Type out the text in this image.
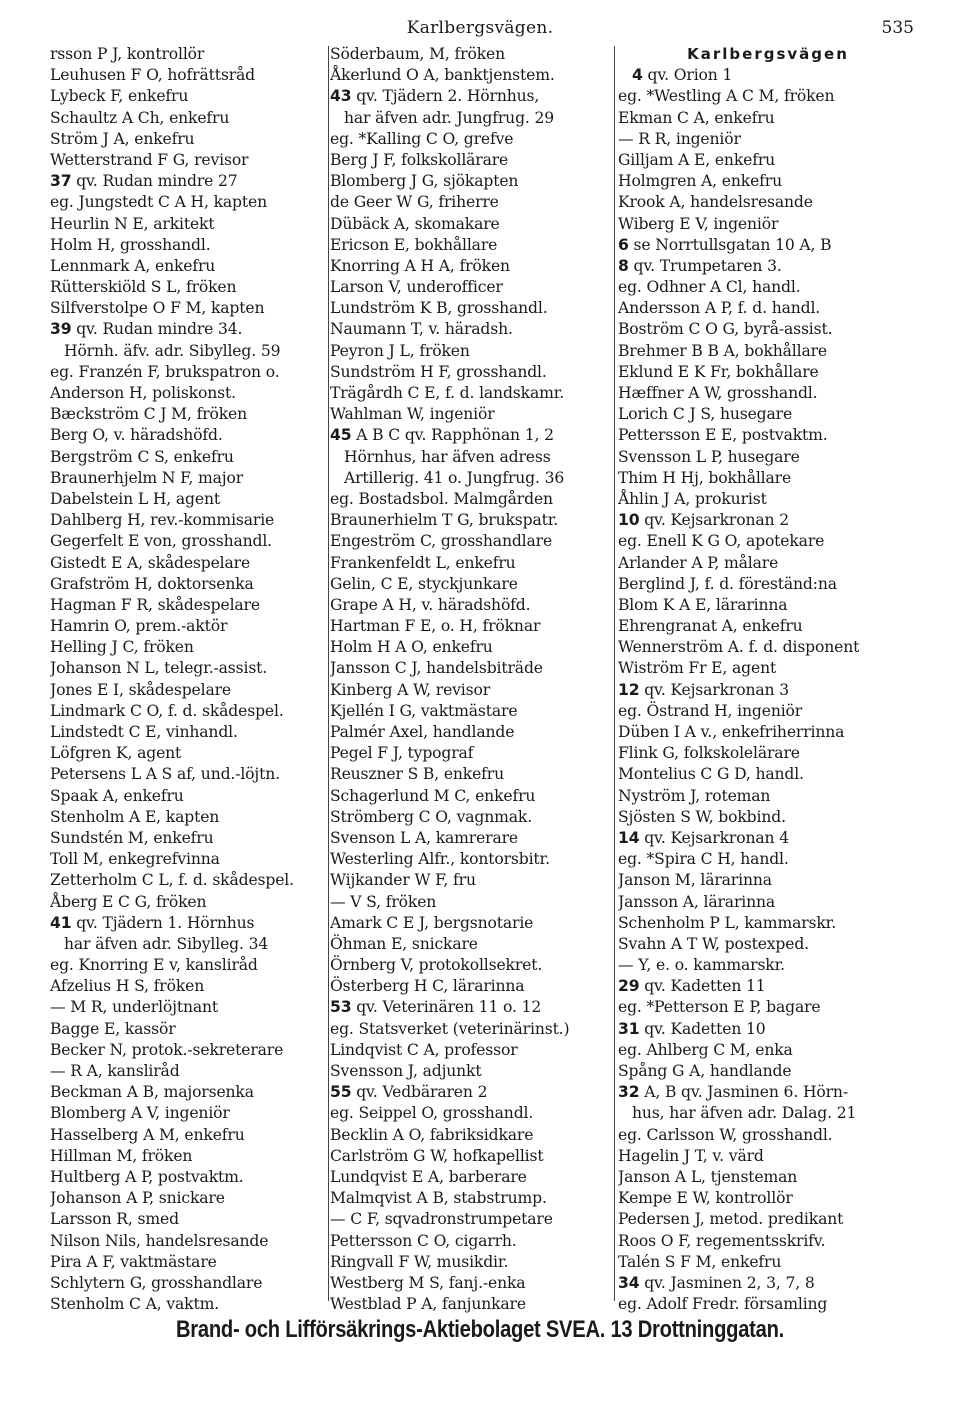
Karlbergsvägen.	535
rsson P J, kontrollör
Leuhusen F O, hofrättsråd
Lybeck F, enkefru
Schaultz A Ch, enkefru
Ström J A, enkefru
Wetterstrand F G, revisor
37 qv. Rudan mindre 27
eg. Jungstedt C A H, kapten
Heurlin N E, arkitekt
Holm H, grosshandl.
Lennmark A, enkefru
Rütterskiöld S L, fröken
Silfverstolpe O F M, kapten
39 qv. Rudan mindre 34.
Hörnh. äfv. adr. Sibylleg. 59
eg. Franzén F, brukspatron o.
Anderson H, poliskonst.
Bæckström C J M, fröken
Berg O, v. häradshöfd.
Bergström C S, enkefru
Braunerhjelm N F, major
Dabelstein L H, agent
Dahlberg H, rev.-kommisarie
Gegerfelt E von, grosshandl.
Gistedt E A, skådespelare
Grafström H, doktorsenka
Hagman F R, skådespelare
Hamrin O, prem.-aktör
Helling J C, fröken
Johanson N L, telegr.-assist.
Jones E I, skådespelare
Lindmark C O, f. d. skådespel.
Lindstedt C E, vinhandl.
Löfgren K, agent
Petersens L A S af, und.-löjtn.
Spaak A, enkefru
Stenholm A E, kapten
Sundstén M, enkefru
Toll M, enkegrefvinna
Zetterholm C L, f. d. skådespel.
Åberg E C G, fröken
41 qv. Tjädern 1. Hörnhus
har äfven adr. Sibylleg. 34
eg. Knorring E v, kansliråd
Afzelius H S, fröken
— M R, underlöjtnant
Bagge E, kassör
Becker N, protok.-sekreterare
— R A, kansliråd
Beckman A B, majorsenka
Blomberg A V, ingeniör
Hasselberg A M, enkefru
Hillman M, fröken
Hultberg A P, postvaktm.
Johanson A P, snickare
Larsson R, smed
Nilson Nils, handelsresande
Pira A F, vaktmästare
Schlytern G, grosshandlare
Stenholm C A, vaktm.
Söderbaum, M, fröken
Åkerlund O A, banktjenstem.
43 qv. Tjädern 2. Hörnhus,
har äfven adr. Jungfrug. 29
eg. *Kalling C O, grefve
Berg J F, folkskollärare
Blomberg J G, sjökapten
de Geer W G, friherre
Dübäck A, skomakare
Ericson E, bokhållare
Knorring A H A, fröken
Larson V, underofficer
Lundström K B, grosshandl.
Naumann T, v. häradsh.
Peyron J L, fröken
Sundström H F, grosshandl.
Trägårdh C E, f. d. landskamr.
Wahlman W, ingeniör
45 A B C qv. Rapphönan 1, 2
Hörnhus, har äfven adress
Artillerig. 41 o. Jungfrug. 36
eg. Bostadsbol. Malmgården
Braunerhielm T G, brukspatr.
Engeström C, grosshandlare
Frankenfeldt L, enkefru
Gelin, C E, styckjunkare
Grape A H, v. häradshöfd.
Hartman F E, o. H, fröknar
Holm H A O, enkefru
Jansson C J, handelsbiträde
Kinberg A W, revisor
Kjellén I G, vaktmästare
Palmér Axel, handlande
Pegel F J, typograf
Reuszner S B, enkefru
Schagerlund M C, enkefru
Strömberg C O, vagnmak.
Svenson L A, kamrerare
Westerling Alfr., kontorsbitr.
Wijkander W F, fru
— V S, fröken
Amark C E J, bergsnotarie
Öhman E, snickare
Örnberg V, protokollsekret.
Österberg H C, lärarinna
53 qv. Veterinären 11 o. 12
eg. Statsverket (veterinärinst.)
Lindqvist C A, professor
Svensson J, adjunkt
55 qv. Vedbäraren 2
eg. Seippel O, grosshandl.
Becklin A O, fabriksidkare
Carlström G W, hofkapellist
Lundqvist E A, barberare
Malmqvist A B, stabstrump.
— C F, sqvadronstrumpetare
Pettersson C O, cigarrh.
Ringvall F W, musikdir.
Westberg M S, fanj.-enka
Westblad P A, fanjunkare
Karlbergsvägen
4 qv. Orion 1
eg. *Westling A C M, fröken
Ekman C A, enkefru
— R R, ingeniör
Gilljam A E, enkefru
Holmgren A, enkefru
Krook A, handelsresande
Wiberg E V, ingeniör
6 se Norrtullsgatan 10 A, B
8 qv. Trumpetaren 3.
eg. Odhner A Cl, handl.
Andersson A P, f. d. handl.
Boström C O G, byrå-assist.
Brehmer B B A, bokhållare
Eklund E K Fr, bokhållare
Hæffner A W, grosshandl.
Lorich C J S, husegare
Pettersson E E, postvaktm.
Svensson L P, husegare
Thim H Hj, bokhållare
Åhlin J A, prokurist
10 qv. Kejsarkronan 2
eg. Enell K G O, apotekare
Arlander A P, målare
Berglind J, f. d. föreständ:na
Blom K A E, lärarinna
Ehrengranat A, enkefru
Wennerström A. f. d. disponent
Wiström Fr E, agent
12 qv. Kejsarkronan 3
eg. Östrand H, ingeniör
Düben I A v., enkefriherrinna
Flink G, folkskolelärare
Montelius C G D, handl.
Nyström J, roteman
Sjösten S W, bokbind.
14 qv. Kejsarkronan 4
eg. *Spira C H, handl.
Janson M, lärarinna
Jansson A, lärarinna
Schenholm P L, kammarskr.
Svahn A T W, postexped.
— Y, e. o. kammarskr.
29 qv. Kadetten 11
eg. *Petterson E P, bagare
31 qv. Kadetten 10
eg. Ahlberg C M, enka
Spång G A, handlande
32 A, B qv. Jasminen 6. Hörn-
hus, har äfven adr. Dalag. 21
eg. Carlsson W, grosshandl.
Hagelin J T, v. värd
Janson A L, tjensteman
Kempe E W, kontrollör
Pedersen J, metod. predikant
Roos O F, regementsskrifv.
Talén S F M, enkefru
34 qv. Jasminen 2, 3, 7, 8
eg. Adolf Fredr. församling
Brand- och Lifförsäkrings-Aktiebolaget SVEA. 13 Drottninggatan.
